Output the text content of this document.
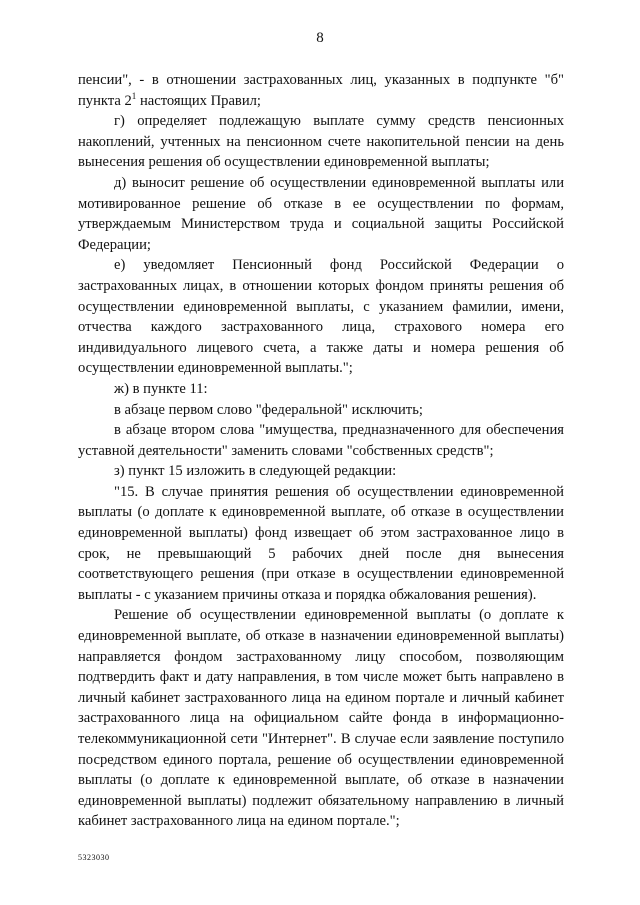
8

пенсии", - в отношении застрахованных лиц, указанных в подпункте "б" пункта $2^1$ настоящих Правил;

г) определяет подлежащую выплате сумму средств пенсионных накоплений, учтенных на пенсионном счете накопительной пенсии на день вынесения решения об осуществлении единовременной выплаты;

д) выносит решение об осуществлении единовременной выплаты или мотивированное решение об отказе в ее осуществлении по формам, утверждаемым Министерством труда и социальной защиты Российской Федерации;

е) уведомляет Пенсионный фонд Российской Федерации о застрахованных лицах, в отношении которых фондом приняты решения об осуществлении единовременной выплаты, с указанием фамилии, имени, отчества каждого застрахованного лица, страхового номера его индивидуального лицевого счета, а также даты и номера решения об осуществлении единовременной выплаты.";

ж) в пункте 11:

в абзаце первом слово "федеральной" исключить;

в абзаце втором слова "имущества, предназначенного для обеспечения уставной деятельности" заменить словами "собственных средств";

з) пункт 15 изложить в следующей редакции:

"15. В случае принятия решения об осуществлении единовременной выплаты (о доплате к единовременной выплате, об отказе в осуществлении единовременной выплаты) фонд извещает об этом застрахованное лицо в срок, не превышающий 5 рабочих дней после дня вынесения соответствующего решения (при отказе в осуществлении единовременной выплаты - с указанием причины отказа и порядка обжалования решения).

Решение об осуществлении единовременной выплаты (о доплате к единовременной выплате, об отказе в назначении единовременной выплаты) направляется фондом застрахованному лицу способом, позволяющим подтвердить факт и дату направления, в том числе может быть направлено в личный кабинет застрахованного лица на едином портале и личный кабинет застрахованного лица на официальном сайте фонда в информационно-телекоммуникационной сети "Интернет". В случае если заявление поступило посредством единого портала, решение об осуществлении единовременной выплаты (о доплате к единовременной выплате, об отказе в назначении единовременной выплаты) подлежит обязательному направлению в личный кабинет застрахованного лица на едином портале.";

5323030
